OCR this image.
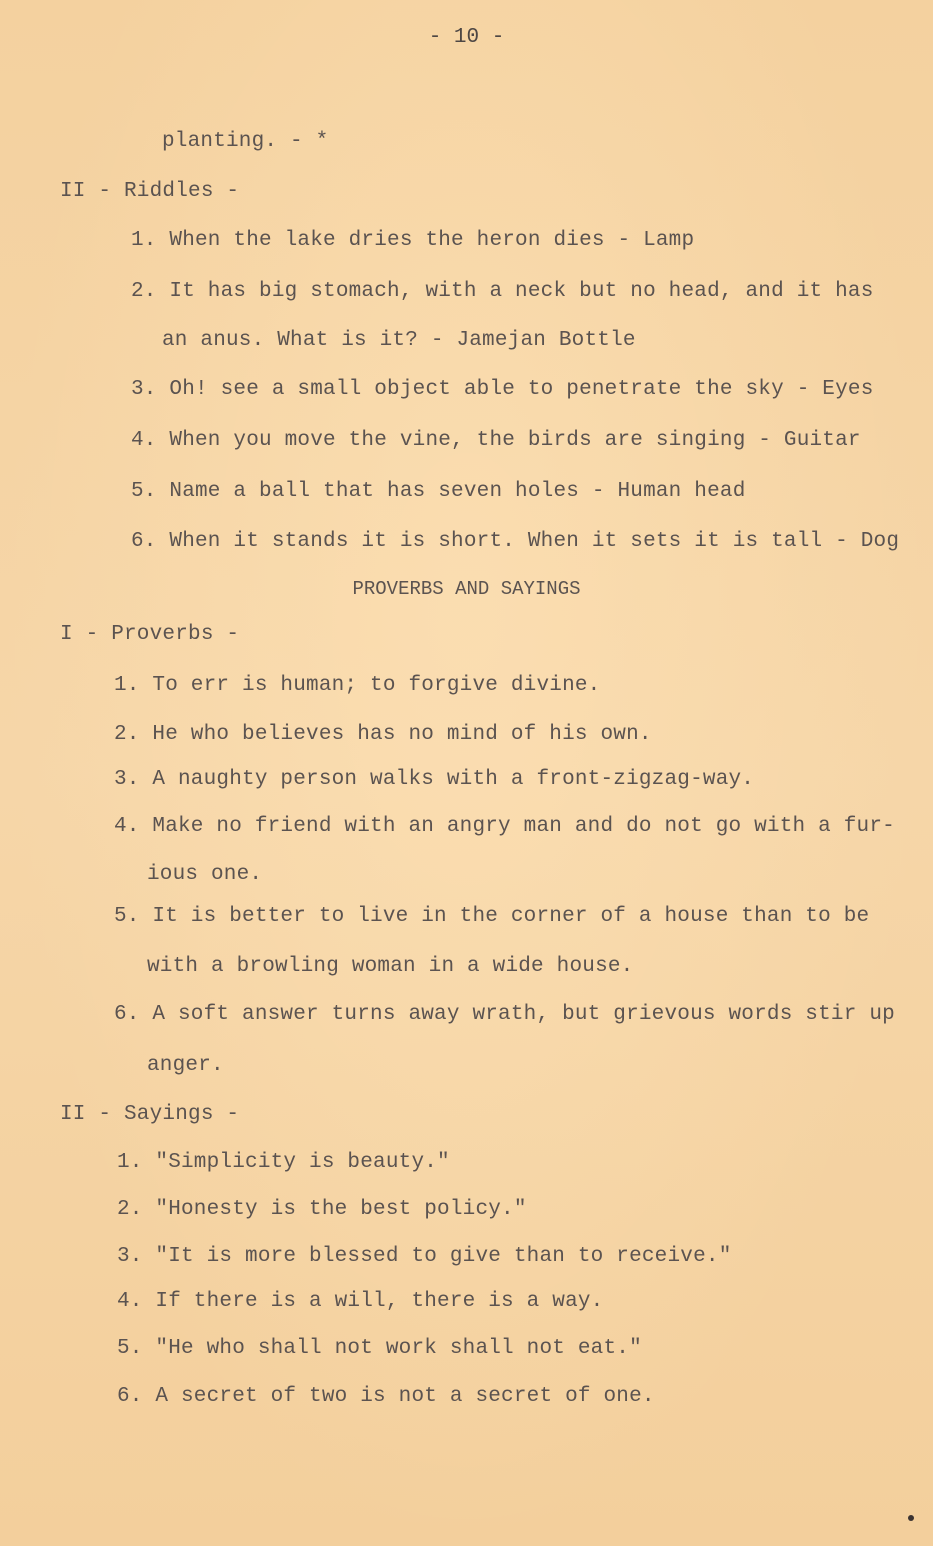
- 10 -
planting. - *
II - Riddles -
1. When the lake dries the heron dies - Lamp
2. It has big stomach, with a neck but no head, and it has
an anus. What is it? - Jamejan Bottle
3. Oh! see a small object able to penetrate the sky - Eyes
4. When you move the vine, the birds are singing - Guitar
5. Name a ball that has seven holes - Human head
6. When it stands it is short. When it sets it is tall - Dog
PROVERBS AND SAYINGS
I - Proverbs -
1. To err is human; to forgive divine.
2. He who believes has no mind of his own.
3. A naughty person walks with a front-zigzag-way.
4. Make no friend with an angry man and do not go with a fur-
ious one.
5. It is better to live in the corner of a house than to be
with a browling woman in a wide house.
6. A soft answer turns away wrath, but grievous words stir up
anger.
II - Sayings -
1. "Simplicity is beauty."
2. "Honesty is the best policy."
3. "It is more blessed to give than to receive."
4. If there is a will, there is a way.
5. "He who shall not work shall not eat."
6. A secret of two is not a secret of one.
